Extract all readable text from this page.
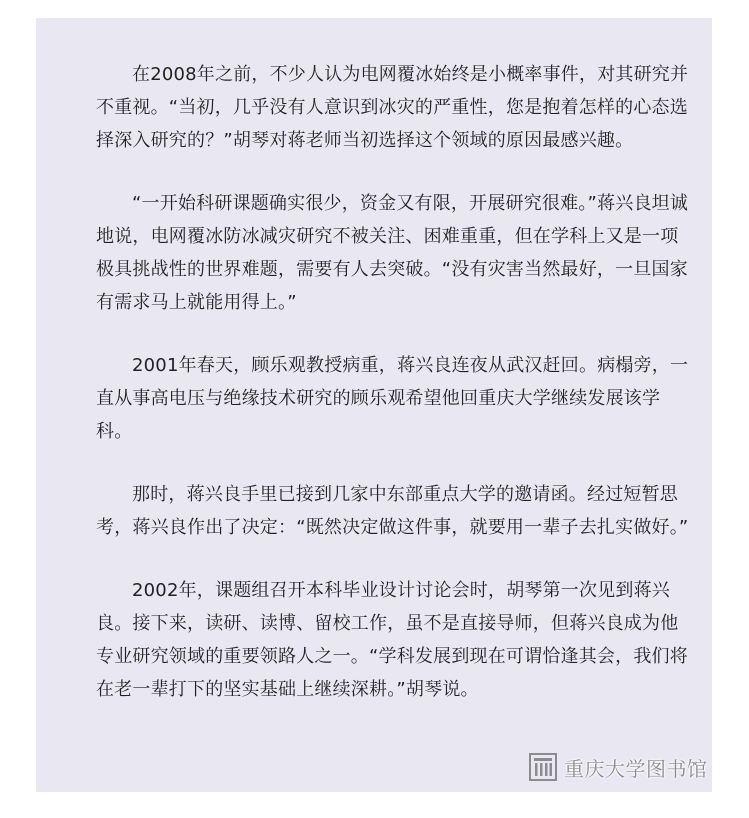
在2008年之前，不少人认为电网覆冰始终是小概率事件，对其研究并不重视。“当初，几乎没有人意识到冰灾的严重性，您是抱着怎样的心态选择深入研究的？”胡琴对蒋老师当初选择这个领域的原因最感兴趣。

“一开始科研课题确实很少，资金又有限，开展研究很难。”蒋兴良坦诚地说，电网覆冰防冰减灾研究不被关注、困难重重，但在学科上又是一项极具挑战性的世界难题，需要有人去突破。“没有灾害当然最好，一旦国家有需求马上就能用得上。”

2001年春天，顾乐观教授病重，蒋兴良连夜从武汉赶回。病榻旁，一直从事高电压与绝缘技术研究的顾乐观希望他回重庆大学继续发展该学科。

那时，蒋兴良手里已接到几家中东部重点大学的邀请函。经过短暂思考，蒋兴良作出了决定：“既然决定做这件事，就要用一辈子去扎实做好。”

2002年，课题组召开本科毕业设计讨论会时，胡琴第一次见到蒋兴良。接下来，读研、读博、留校工作，虽不是直接导师，但蒋兴良成为他专业研究领域的重要领路人之一。“学科发展到现在可谓恰逢其会，我们将在老一辈打下的坚实基础上继续深耕。”胡琴说。

重庆大学图书馆
